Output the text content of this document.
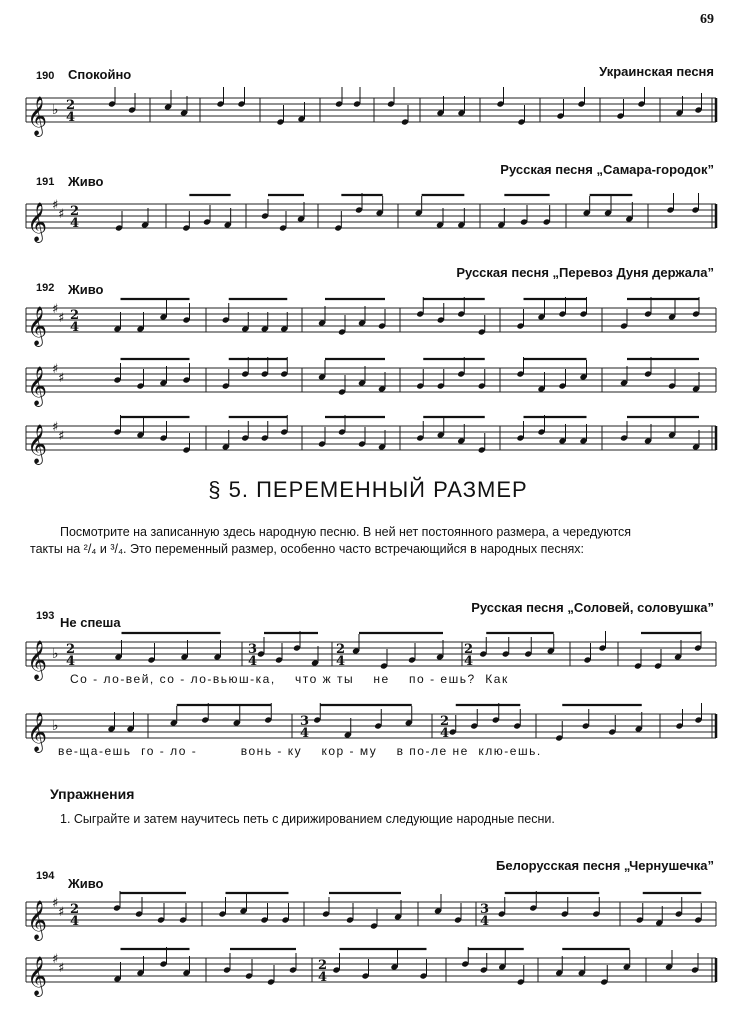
69
190 Спокойно	Украинская песня
𝄞 ♭ 2
4
191 Живо
Русская песня „Самара-городок”
𝄞 ♯
♯ 2
4
192 Живо
Русская песня „Перевоз Дуня держала”
𝄞 ♯
♯ 2
4
𝄞 ♯
♯
𝄞 ♯
♯
§ 5. ПЕРЕМЕННЫЙ РАЗМЕР
Посмотрите на записанную здесь народную песню. В ней нет постоянного размера, а чередуются
такты на ²/₄ и ³/₄. Это переменный размер, особенно часто встречающийся в народных песнях:
193 Не спеша
Русская песня „Соловей, соловушка”
𝄞 ♭ 2
4
3
4
2
4
2
4
Со - ло-вей, со - ло-вьюш-ка,    что ж ты    не    по - ешь?  Как
𝄞 ♭	3
4
2
4
ве-ща-ешь  го - ло -         вонь - ку    кор - му    в по-ле не  клю-ешь.
Упражнения
1. Сыграйте и затем научитесь петь с дирижированием следующие народные песни.
194 Живо
Белорусская песня „Чернушечка”
𝄞 ♯
♯ 2
4
3
4
𝄞 ♯
♯	2
4
